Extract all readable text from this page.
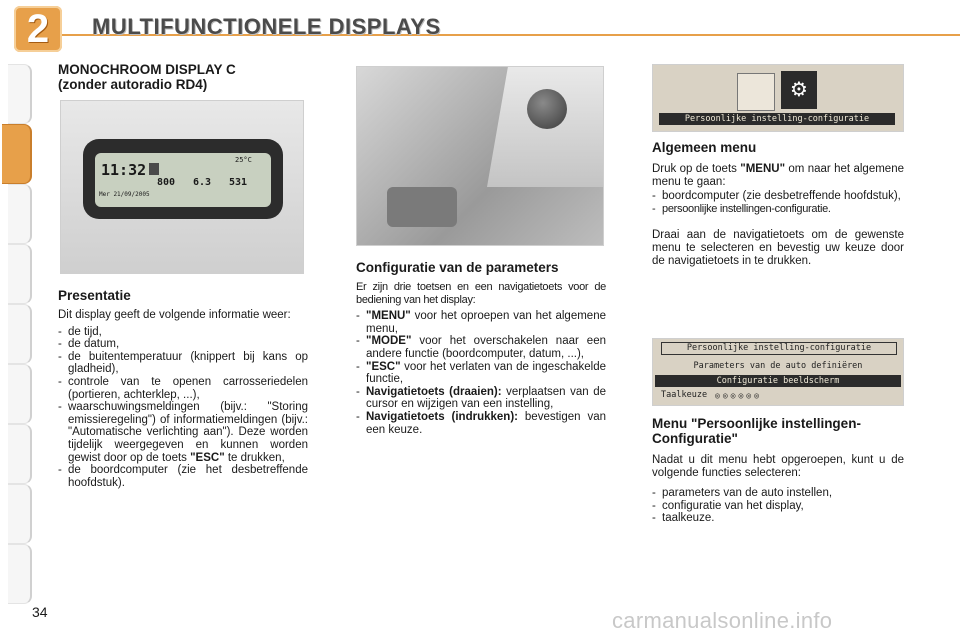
2	MULTIFUNCTIONELE DISPLAYS
MONOCHROOM DISPLAY C
(zonder autoradio RD4)
11:32
Mer 21/09/2005
25°C
800 6.3 531
Presentatie

Dit display geeft de volgende informatie weer:

- de tijd,
- de datum,
- de buitentemperatuur (knippert bij kans op gladheid),
- controle van te openen carrosseriedelen (portieren, achterklep, ...),
- waarschuwingsmeldingen (bijv.: "Storing emissieregeling") of informatiemeldingen (bijv.: "Automatische verlichting aan"). Deze worden tijdelijk weergegeven en kunnen worden gewist door op de toets "ESC" te drukken,
- de boordcomputer (zie het desbetreffende hoofdstuk).
Configuratie van de parameters

Er zijn drie toetsen en een navigatietoets voor de bediening van het display:

- "MENU" voor het oproepen van het algemene menu,
- "MODE" voor het overschakelen naar een andere functie (boordcomputer, datum, ...),
- "ESC" voor het verlaten van de ingeschakelde functie,
- Navigatietoets (draaien): verplaatsen van de cursor en wijzigen van een instelling,
- Navigatietoets (indrukken): bevestigen van een keuze.
⚙
Persoonlijke instelling-configuratie
Algemeen menu

Druk op de toets "MENU" om naar het algemene menu te gaan:

- boordcomputer (zie desbetreffende hoofdstuk),
- persoonlijke instellingen-configuratie.

Draai aan de navigatietoets om de gewenste menu te selecteren en bevestig uw keuze door de navigatietoets in te drukken.

Persoonlijke instelling-configuratie
Parameters van de auto definiëren
Configuratie beeldscherm
Taalkeuze ◎◎◎◎◎◎
Menu "Persoonlijke instellingen-Configuratie"

Nadat u dit menu hebt opgeroepen, kunt u de volgende functies selecteren:

- parameters van de auto instellen,
- configuratie van het display,
- taalkeuze.
34	carmanualsonline.info
